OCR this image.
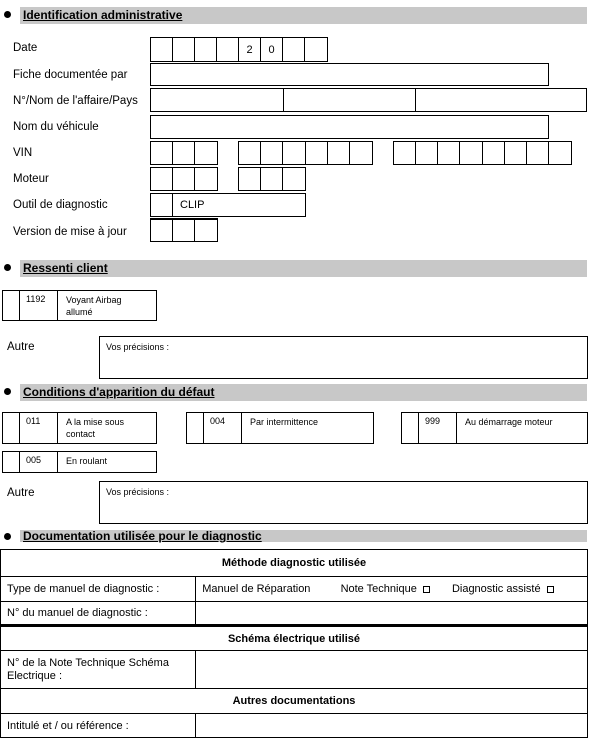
Identification administrative
Date	2	0
Fiche documentée par
N°/Nom de l'affaire/Pays
Nom du véhicule
VIN
Moteur
Outil de diagnostic	CLIP
Version de mise à jour
Ressenti client
1192	Voyant Airbag
allumé
Autre	Vos précisions :
Conditions d'apparition du défaut
011	A la mise sous
contact
004	Par intermittence	999	Au démarrage moteur
005	En roulant
Autre	Vos précisions :
Documentation utilisée pour le diagnostic
Méthode diagnostic utilisée	
Type de manuel de diagnostic :	Manuel de Réparation Note Technique Diagnostic assisté
N° du manuel de diagnostic :	
Schéma électrique utilisé	

N° de la Note Technique Schéma
Electrique :	

Autres documentations	
Intitulé et / ou référence :	
